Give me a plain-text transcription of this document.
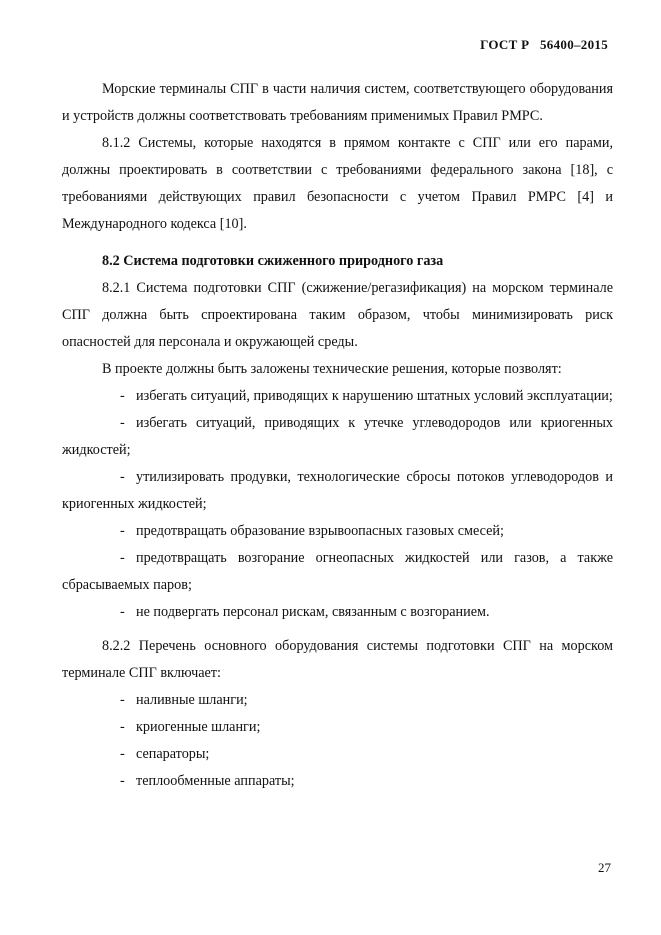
ГОСТ Р   56400–2015

Морские терминалы СПГ в части наличия систем, соответствующего оборудования и устройств должны соответствовать требованиям применимых Правил РМРС.

8.1.2 Системы, которые находятся в прямом контакте с СПГ или его парами, должны проектировать в соответствии с требованиями федерального закона [18], с требованиями действующих правил безопасности с учетом Правил РМРС [4] и Международного кодекса [10].

8.2 Система подготовки сжиженного природного газа

8.2.1 Система подготовки СПГ (сжижение/регазификация) на морском терминале СПГ должна быть спроектирована таким образом, чтобы минимизировать риск опасностей для персонала и окружающей среды.

В проекте должны быть заложены технические решения, которые позволят:

- избегать ситуаций, приводящих к нарушению штатных условий эксплуатации;

- избегать ситуаций, приводящих к утечке углеводородов или криогенных жидкостей;

- утилизировать продувки, технологические сбросы потоков углеводородов и криогенных жидкостей;

- предотвращать образование взрывоопасных газовых смесей;

- предотвращать возгорание огнеопасных жидкостей или газов, а также сбрасываемых паров;

- не подвергать персонал рискам, связанным с возгоранием.

8.2.2 Перечень основного оборудования системы подготовки СПГ на морском терминале СПГ включает:

- наливные шланги;

- криогенные шланги;

- сепараторы;

- теплообменные аппараты;

27
